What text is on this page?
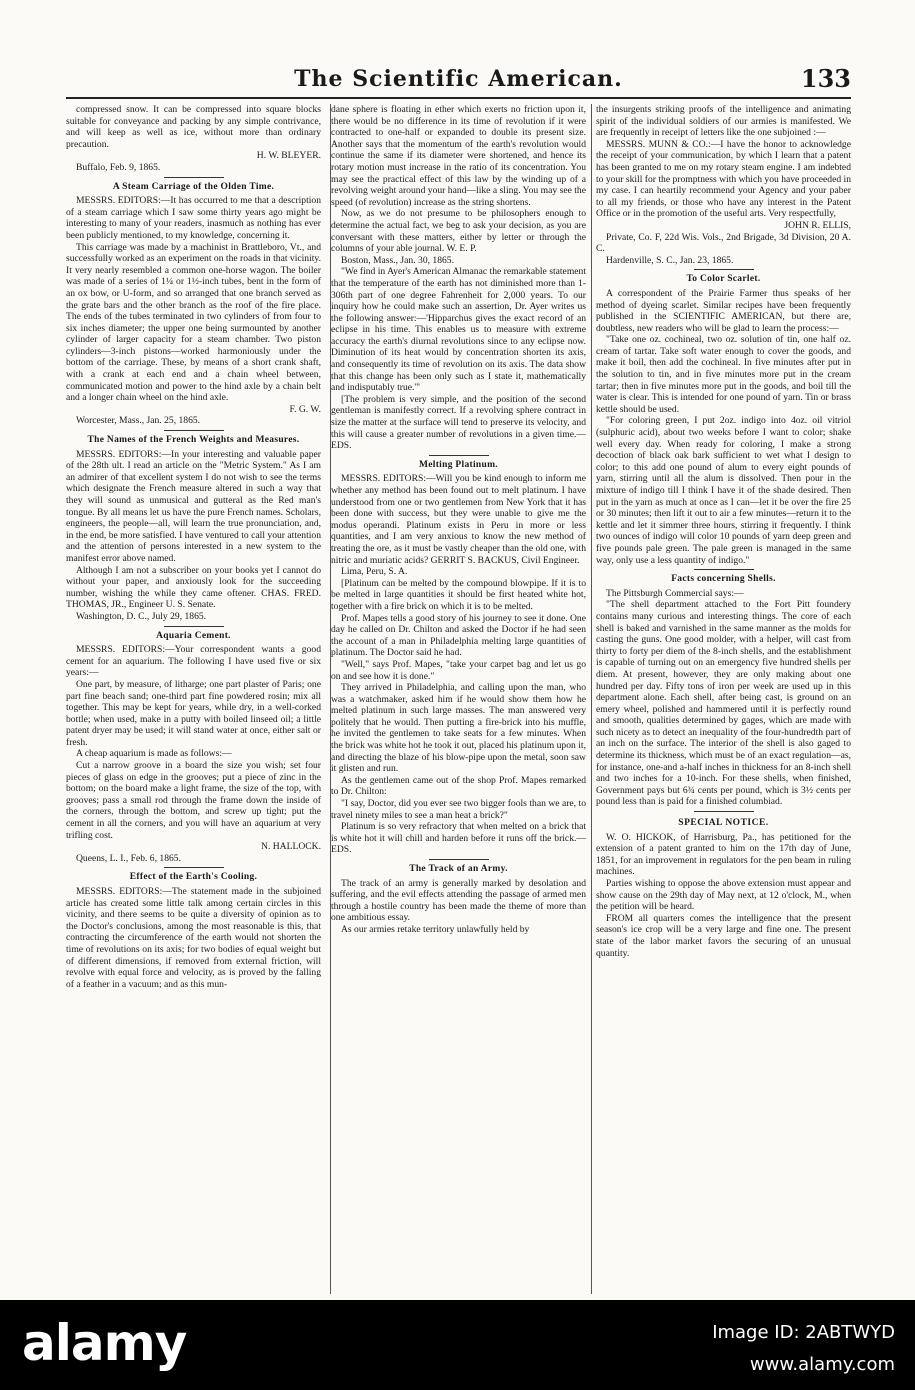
The Scientific American.	133

compressed snow. It can be compressed into square blocks suitable for conveyance and packing by any simple contrivance, and will keep as well as ice, without more than ordinary precaution.

H. W. BLEYER.

Buffalo, Feb. 9, 1865.

A Steam Carriage of the Olden Time.

MESSRS. EDITORS:—It has occurred to me that a description of a steam carriage which I saw some thirty years ago might be interesting to many of your readers, inasmuch as nothing has ever been publicly mentioned, to my knowledge, concerning it.

This carriage was made by a machinist in Brattleboro, Vt., and successfully worked as an experiment on the roads in that vicinity. It very nearly resembled a common one-horse wagon. The boiler was made of a series of 1¼ or 1½-inch tubes, bent in the form of an ox bow, or U-form, and so arranged that one branch served as the grate bars and the other branch as the roof of the fire place. The ends of the tubes terminated in two cylinders of from four to six inches diameter; the upper one being surmounted by another cylinder of larger capacity for a steam chamber. Two piston cylinders—3-inch pistons—worked harmoniously under the bottom of the carriage. These, by means of a short crank shaft, with a crank at each end and a chain wheel between, communicated motion and power to the hind axle by a chain belt and a longer chain wheel on the hind axle.

F. G. W.

Worcester, Mass., Jan. 25, 1865.

The Names of the French Weights and Measures.

MESSRS. EDITORS:—In your interesting and valuable paper of the 28th ult. I read an article on the "Metric System." As I am an admirer of that excellent system I do not wish to see the terms which designate the French measure altered in such a way that they will sound as unmusical and gutteral as the Red man's tongue. By all means let us have the pure French names. Scholars, engineers, the people—all, will learn the true pronunciation, and, in the end, be more satisfied. I have ventured to call your attention and the attention of persons interested in a new system to the manifest error above named.

Although I am not a subscriber on your books yet I cannot do without your paper, and anxiously look for the succeeding number, wishing the while they came oftener. CHAS. FRED. THOMAS, JR., Engineer U. S. Senate.

Washington, D. C., July 29, 1865.

Aquaria Cement.

MESSRS. EDITORS:—Your correspondent wants a good cement for an aquarium. The following I have used five or six years:—

One part, by measure, of litharge; one part plaster of Paris; one part fine beach sand; one-third part fine powdered rosin; mix all together. This may be kept for years, while dry, in a well-corked bottle; when used, make in a putty with boiled linseed oil; a little patent dryer may be used; it will stand water at once, either salt or fresh.

A cheap aquarium is made as follows:—

Cut a narrow groove in a board the size you wish; set four pieces of glass on edge in the grooves; put a piece of zinc in the bottom; on the board make a light frame, the size of the top, with grooves; pass a small rod through the frame down the inside of the corners, through the bottom, and screw up tight; put the cement in all the corners, and you will have an aquarium at very trifling cost.

N. HALLOCK.

Queens, L. I., Feb. 6, 1865.

Effect of the Earth's Cooling.

MESSRS. EDITORS:—The statement made in the subjoined article has created some little talk among certain circles in this vicinity, and there seems to be quite a diversity of opinion as to the Doctor's conclusions, among the most reasonable is this, that contracting the circumference of the earth would not shorten the time of revolutions on its axis; for two bodies of equal weight but of different dimensions, if removed from external friction, will revolve with equal force and velocity, as is proved by the falling of a feather in a vacuum; and as this mun-

dane sphere is floating in ether which exerts no friction upon it, there would be no difference in its time of revolution if it were contracted to one-half or expanded to double its present size. Another says that the momentum of the earth's revolution would continue the same if its diameter were shortened, and hence its rotary motion must increase in the ratio of its concentration. You may see the practical effect of this law by the winding up of a revolving weight around your hand—like a sling. You may see the speed (of revolution) increase as the string shortens.

Now, as we do not presume to be philosophers enough to determine the actual fact, we beg to ask your decision, as you are conversant with these matters, either by letter or through the columns of your able journal. W. E. P.

Boston, Mass., Jan. 30, 1865.

"We find in Ayer's American Almanac the remarkable statement that the temperature of the earth has not diminished more than 1-306th part of one degree Fahrenheit for 2,000 years. To our inquiry how he could make such an assertion, Dr. Ayer writes us the following answer:—'Hipparchus gives the exact record of an eclipse in his time. This enables us to measure with extreme accuracy the earth's diurnal revolutions since to any eclipse now. Diminution of its heat would by concentration shorten its axis, and consequently its time of revolution on its axis. The data show that this change has been only such as I state it, mathematically and indisputably true.'"

[The problem is very simple, and the position of the second gentleman is manifestly correct. If a revolving sphere contract in size the matter at the surface will tend to preserve its velocity, and this will cause a greater number of revolutions in a given time.—EDS.

Melting Platinum.

MESSRS. EDITORS:—Will you be kind enough to inform me whether any method has been found out to melt platinum. I have understood from one or two gentlemen from New York that it has been done with success, but they were unable to give me the modus operandi. Platinum exists in Peru in more or less quantities, and I am very anxious to know the new method of treating the ore, as it must be vastly cheaper than the old one, with nitric and muriatic acids? GERRIT S. BACKUS, Civil Engineer.

Lima, Peru, S. A.

[Platinum can be melted by the compound blowpipe. If it is to be melted in large quantities it should be first heated white hot, together with a fire brick on which it is to be melted.

Prof. Mapes tells a good story of his journey to see it done. One day he called on Dr. Chilton and asked the Doctor if he had seen the account of a man in Philadelphia melting large quantities of platinum. The Doctor said he had.

"Well," says Prof. Mapes, "take your carpet bag and let us go on and see how it is done."

They arrived in Philadelphia, and calling upon the man, who was a watchmaker, asked him if he would show them how he melted platinum in such large masses. The man answered very politely that he would. Then putting a fire-brick into his muffle, he invited the gentlemen to take seats for a few minutes. When the brick was white hot he took it out, placed his platinum upon it, and directing the blaze of his blow-pipe upon the metal, soon saw it glisten and run.

As the gentlemen came out of the shop Prof. Mapes remarked to Dr. Chilton:

"I say, Doctor, did you ever see two bigger fools than we are, to travel ninety miles to see a man heat a brick?"

Platinum is so very refractory that when melted on a brick that is white hot it will chill and harden before it runs off the brick.—EDS.

The Track of an Army.

The track of an army is generally marked by desolation and suffering, and the evil effects attending the passage of armed men through a hostile country has been made the theme of more than one ambitious essay.

As our armies retake territory unlawfully held by

the insurgents striking proofs of the intelligence and animating spirit of the individual soldiers of our armies is manifested. We are frequently in receipt of letters like the one subjoined :—

MESSRS. MUNN & CO.:—I have the honor to acknowledge the receipt of your communication, by which I learn that a patent has been granted to me on my rotary steam engine. I am indebted to your skill for the promptness with which you have proceeded in my case. I can heartily recommend your Agency and your paber to all my friends, or those who have any interest in the Patent Office or in the promotion of the useful arts. Very respectfully,

JOHN R. ELLIS,

Private, Co. F, 22d Wis. Vols., 2nd Brigade, 3d Division, 20 A. C.

Hardenville, S. C., Jan. 23, 1865.

To Color Scarlet.

A correspondent of the Prairie Farmer thus speaks of her method of dyeing scarlet. Similar recipes have been frequently published in the SCIENTIFIC AMERICAN, but there are, doubtless, new readers who will be glad to learn the process:—

"Take one oz. cochineal, two oz. solution of tin, one half oz. cream of tartar. Take soft water enough to cover the goods, and make it boil, then add the cochineal. In five minutes after put in the solution to tin, and in five minutes more put in the cream tartar; then in five minutes more put in the goods, and boil till the water is clear. This is intended for one pound of yarn. Tin or brass kettle should be used.

"For coloring green, I put 2oz. indigo into 4oz. oil vitriol (sulphuric acid), about two weeks before I want to color; shake well every day. When ready for coloring, I make a strong decoction of black oak bark sufficient to wet what I design to color; to this add one pound of alum to every eight pounds of yarn, stirring until all the alum is dissolved. Then pour in the mixture of indigo till I think I have it of the shade desired. Then put in the yarn as much at once as I can—let it be over the fire 25 or 30 minutes; then lift it out to air a few minutes—return it to the kettle and let it simmer three hours, stirring it frequently. I think two ounces of indigo will color 10 pounds of yarn deep green and five pounds pale green. The pale green is managed in the same way, only use a less quantity of indigo."

Facts concerning Shells.

The Pittsburgh Commercial says:—

"The shell department attached to the Fort Pitt foundery contains many curious and interesting things. The core of each shell is baked and varnished in the same manner as the molds for casting the guns. One good molder, with a helper, will cast from thirty to forty per diem of the 8-inch shells, and the establishment is capable of turning out on an emergency five hundred shells per diem. At present, however, they are only making about one hundred per day. Fifty tons of iron per week are used up in this department alone. Each shell, after being cast, is ground on an emery wheel, polished and hammered until it is perfectly round and smooth, qualities determined by gages, which are made with such nicety as to detect an inequality of the four-hundredth part of an inch on the surface. The interior of the shell is also gaged to determine its thickness, which must be of an exact regulation—as, for instance, one-and a-half inches in thickness for an 8-inch shell and two inches for a 10-inch. For these shells, when finished, Government pays but 6¾ cents per pound, which is 3½ cents per pound less than is paid for a finished columbiad.

SPECIAL NOTICE.

W. O. HICKOK, of Harrisburg, Pa., has petitioned for the extension of a patent granted to him on the 17th day of June, 1851, for an improvement in regulators for the pen beam in ruling machines.

Parties wishing to oppose the above extension must appear and show cause on the 29th day of May next, at 12 o'clock, M., when the petition will be heard.

FROM all quarters comes the intelligence that the present season's ice crop will be a very large and fine one. The present state of the labor market favors the securing of an unusual quantity.

alamy	Image ID: 2ABTWYD
www.alamy.com
